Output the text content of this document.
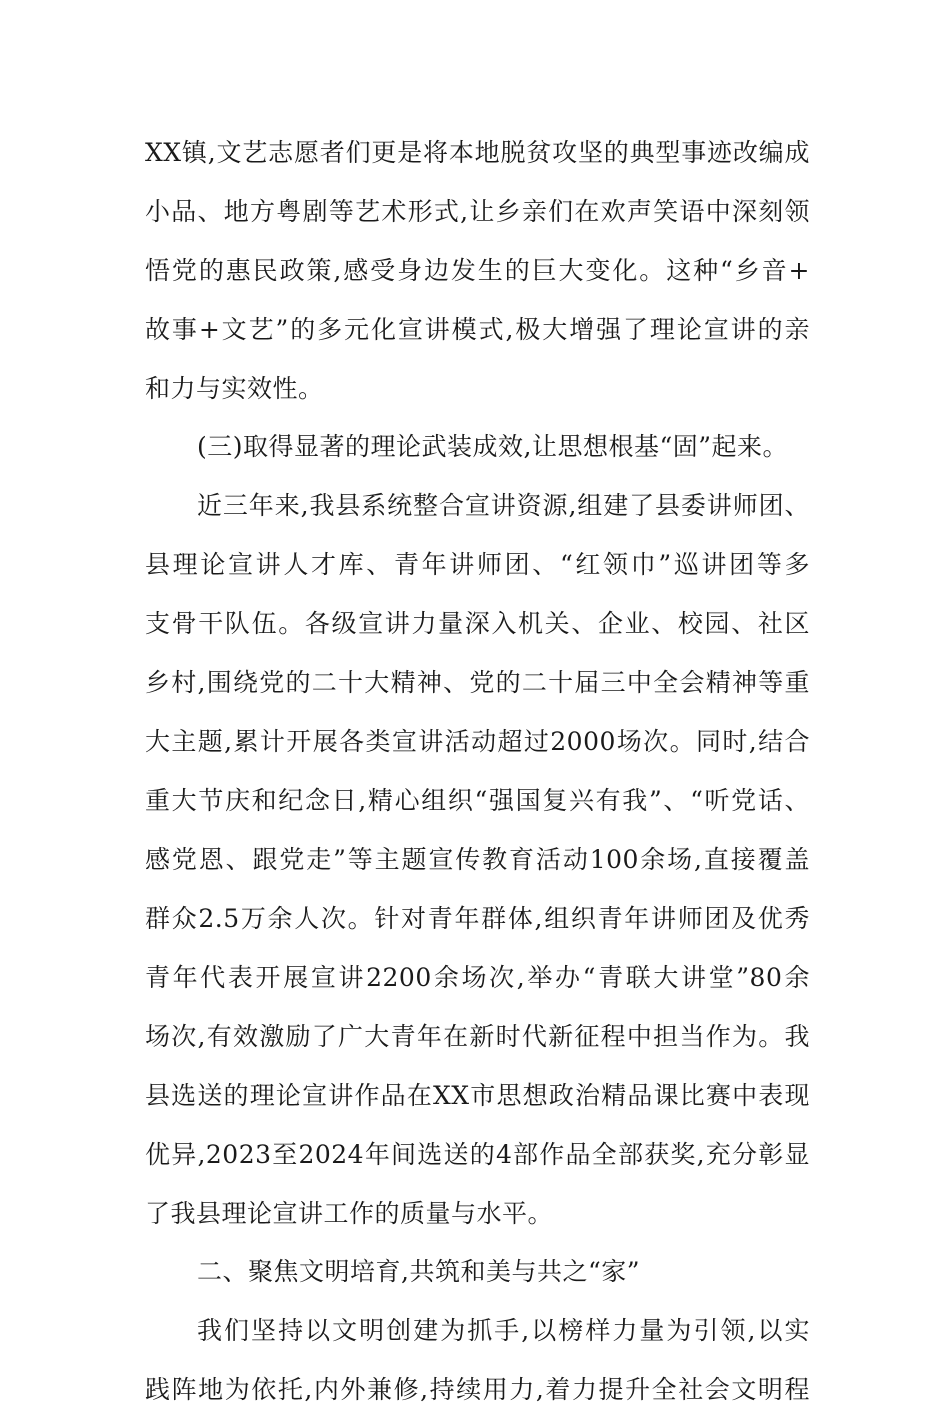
XX镇,文艺志愿者们更是将本地脱贫攻坚的典型事迹改编成
小品、地方粤剧等艺术形式,让乡亲们在欢声笑语中深刻领
悟党的惠民政策,感受身边发生的巨大变化。这种“乡音+
故事+文艺”的多元化宣讲模式,极大增强了理论宣讲的亲
和力与实效性。
(三)取得显著的理论武装成效,让思想根基“固”起来。
近三年来,我县系统整合宣讲资源,组建了县委讲师团、
县理论宣讲人才库、青年讲师团、“红领巾”巡讲团等多
支骨干队伍。各级宣讲力量深入机关、企业、校园、社区
乡村,围绕党的二十大精神、党的二十届三中全会精神等重
大主题,累计开展各类宣讲活动超过2000场次。同时,结合
重大节庆和纪念日,精心组织“强国复兴有我”、“听党话、
感党恩、跟党走”等主题宣传教育活动100余场,直接覆盖
群众2.5万余人次。针对青年群体,组织青年讲师团及优秀
青年代表开展宣讲2200余场次,举办“青联大讲堂”80余
场次,有效激励了广大青年在新时代新征程中担当作为。我
县选送的理论宣讲作品在XX市思想政治精品课比赛中表现
优异,2023至2024年间选送的4部作品全部获奖,充分彰显
了我县理论宣讲工作的质量与水平。
二、聚焦文明培育,共筑和美与共之“家”
我们坚持以文明创建为抓手,以榜样力量为引领,以实
践阵地为依托,内外兼修,持续用力,着力提升全社会文明程
